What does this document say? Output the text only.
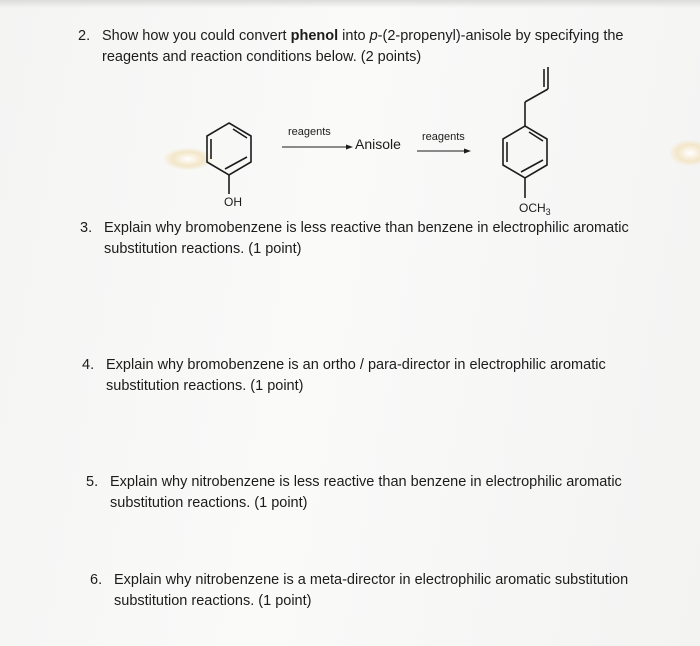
2. Show how you could convert phenol into p-(2-propenyl)-anisole by specifying the reagents and reaction conditions below. (2 points)
OH
reagents
Anisole reagents
$OCH_3$
3. Explain why bromobenzene is less reactive than benzene in electrophilic aromatic substitution reactions. (1 point)
4. Explain why bromobenzene is an ortho / para-director in electrophilic aromatic substitution reactions. (1 point)
5. Explain why nitrobenzene is less reactive than benzene in electrophilic aromatic substitution reactions. (1 point)
6. Explain why nitrobenzene is a meta-director in electrophilic aromatic substitution substitution reactions. (1 point)
